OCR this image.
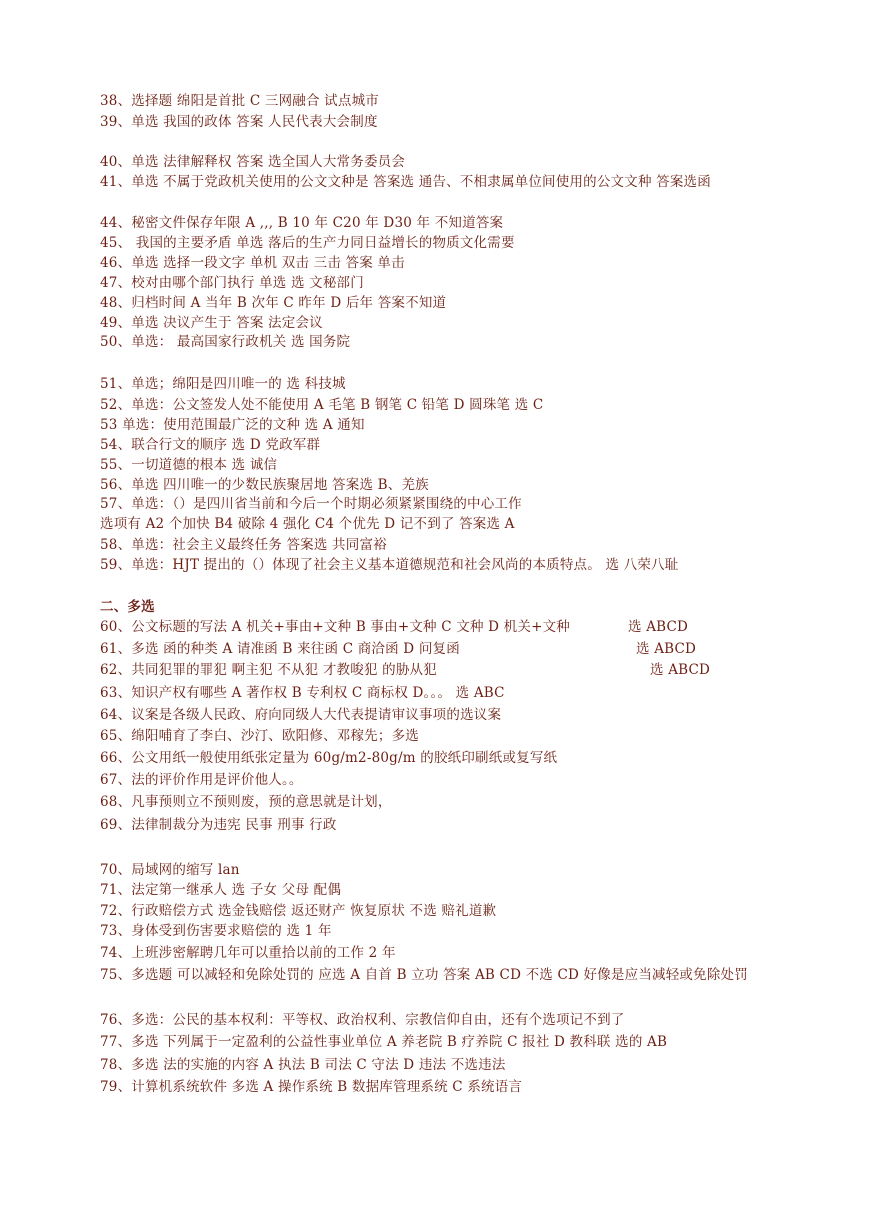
38、选择题 绵阳是首批 C 三网融合 试点城市
39、单选 我国的政体 答案 人民代表大会制度
40、单选 法律解释权 答案 选全国人大常务委员会
41、单选 不属于党政机关使用的公文文种是 答案选 通告、不相隶属单位间使用的公文文种 答案选函
44、秘密文件保存年限 A ,,, B 10 年 C20 年 D30 年 不知道答案
45、 我国的主要矛盾 单选 落后的生产力同日益增长的物质文化需要
46、单选 选择一段文字 单机 双击 三击 答案 单击
47、校对由哪个部门执行 单选 选 文秘部门
48、归档时间 A 当年 B 次年 C 昨年 D 后年 答案不知道
49、单选 决议产生于 答案 法定会议
50、单选： 最高国家行政机关 选 国务院
51、单选；绵阳是四川唯一的 选 科技城
52、单选：公文签发人处不能使用 A 毛笔 B 钢笔 C 铅笔 D 圆珠笔 选 C
53 单选：使用范围最广泛的文种 选 A 通知
54、联合行文的顺序 选 D 党政军群
55、一切道德的根本 选 诚信
56、单选 四川唯一的少数民族聚居地 答案选 B、羌族
57、单选：（）是四川省当前和今后一个时期必须紧紧围绕的中心工作
选项有 A2 个加快 B4 破除 4 强化 C4 个优先 D 记不到了 答案选 A
58、单选：社会主义最终任务 答案选 共同富裕
59、单选：HJT 提出的（）体现了社会主义基本道德规范和社会风尚的本质特点。 选 八荣八耻
二、多选
60、公文标题的写法 A 机关+事由+文种 B 事由+文种 C 文种 D 机关+文种	选 ABCD
61、多选 函的种类 A 请准函 B 来往函 C 商洽函 D 问复函	选 ABCD
62、共同犯罪的罪犯 啊主犯 不从犯 才教唆犯 的胁从犯	选 ABCD
63、知识产权有哪些 A 著作权 B 专利权 C 商标权 D。。。 选 ABC
64、议案是各级人民政、府向同级人大代表提请审议事项的选议案
65、绵阳哺育了李白、沙汀、欧阳修、邓稼先；多选
66、公文用纸一般使用纸张定量为 60g/m2-80g/m 的胶纸印刷纸或复写纸
67、法的评价作用是评价他人。。
68、凡事预则立不预则废，预的意思就是计划，
69、法律制裁分为违宪 民事 刑事 行政
70、局域网的缩写 lan
71、法定第一继承人 选 子女 父母 配偶
72、行政赔偿方式 选金钱赔偿 返还财产 恢复原状 不选 赔礼道歉
73、身体受到伤害要求赔偿的 选 1 年
74、上班涉密解聘几年可以重拾以前的工作 2 年
75、多选题 可以减轻和免除处罚的 应选 A 自首 B 立功 答案 AB CD 不选 CD 好像是应当减轻或免除处罚
76、多选：公民的基本权利：平等权、政治权利、宗教信仰自由，还有个选项记不到了
77、多选 下列属于一定盈利的公益性事业单位 A 养老院 B 疗养院 C 报社 D 教科联 选的 AB
78、多选 法的实施的内容 A 执法 B 司法 C 守法 D 违法 不选违法
79、计算机系统软件 多选 A 操作系统 B 数据库管理系统 C 系统语言
